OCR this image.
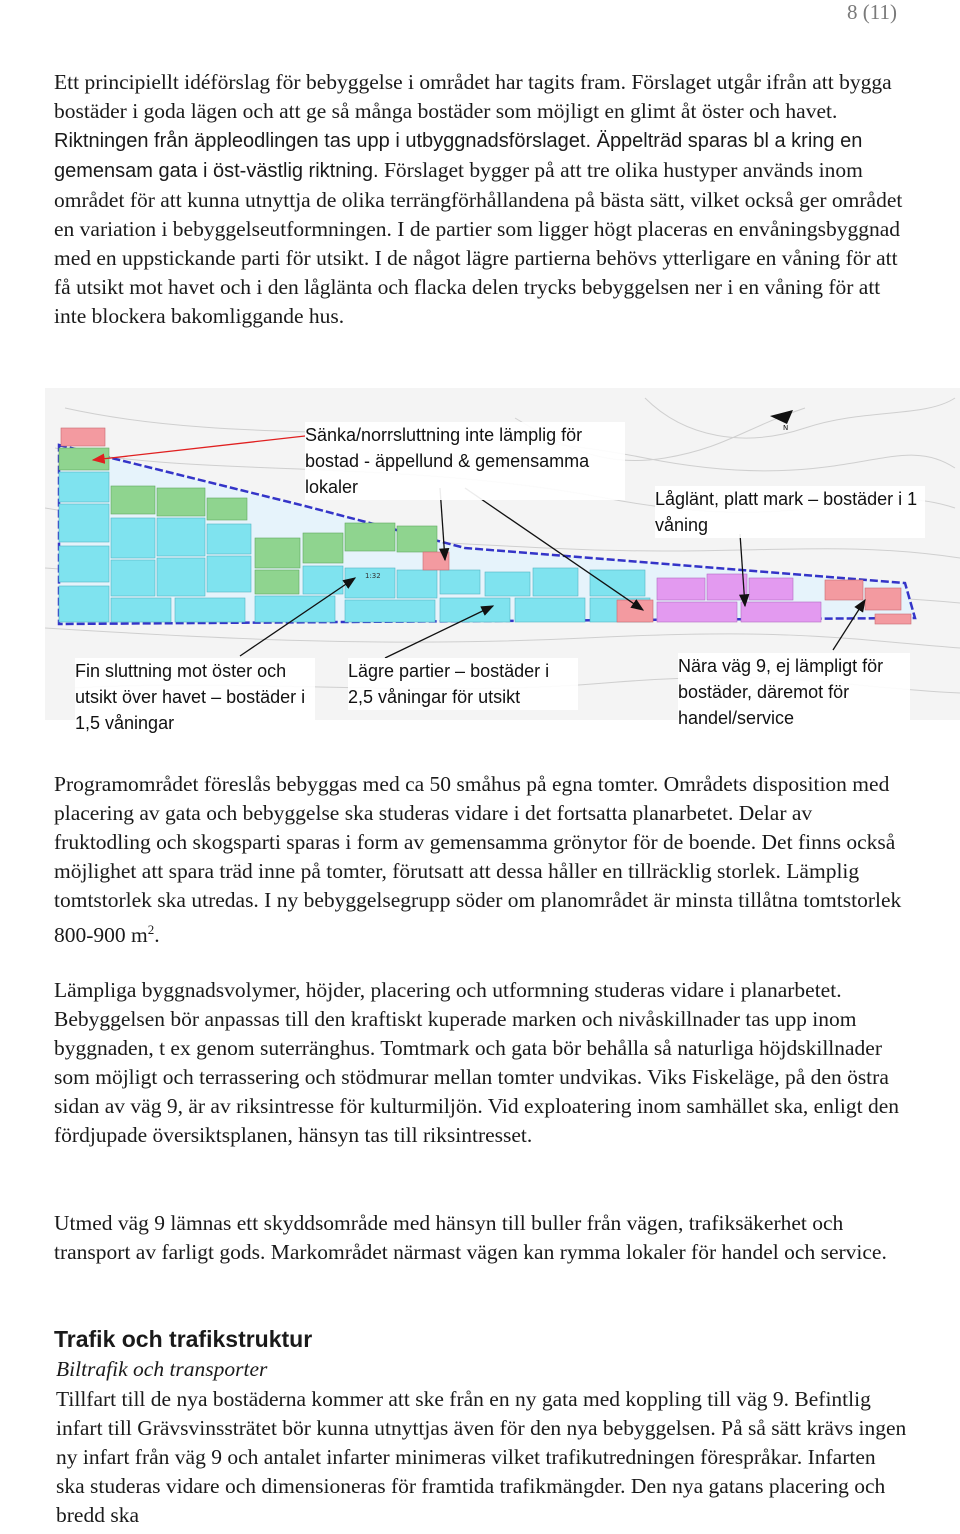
8 (11)

Ett principiellt idéförslag för bebyggelse i området har tagits fram. Förslaget utgår ifrån att bygga bostäder i goda lägen och att ge så många bostäder som möjligt en glimt åt öster och havet. Riktningen från äppleodlingen tas upp i utbyggnadsförslaget. Äppelträd sparas bl a kring en gemensam gata i öst-västlig riktning. Förslaget bygger på att tre olika hustyper används inom området för att kunna utnyttja de olika terrängförhållandena på bästa sätt, vilket också ger området en variation i bebyggelseutformningen. I de partier som ligger högt placeras en envåningsbyggnad med en uppstickande parti för utsikt. I de något lägre partierna behövs ytterligare en våning för att få utsikt mot havet och i den låglänta och flacka delen trycks bebyggelsen ner i en våning för att inte blockera bakomliggande hus.

N
1:32
Sänka/norrsluttning inte lämplig för bostad - äppellund & gemensamma lokaler
Låglänt, platt mark – bostäder i 1 våning
Fin sluttning mot öster och utsikt över havet – bostäder i 1,5 våningar
Lägre partier – bostäder i 2,5 våningar för utsikt
Nära väg 9, ej lämpligt för bostäder, däremot för handel/service

Programområdet föreslås bebyggas med ca 50 småhus på egna tomter. Områdets disposition med placering av gata och bebyggelse ska studeras vidare i det fortsatta planarbetet. Delar av fruktodling och skogsparti sparas i form av gemensamma grönytor för de boende. Det finns också möjlighet att spara träd inne på tomter, förutsatt att dessa håller en tillräcklig storlek. Lämplig tomtstorlek ska utredas. I ny bebyggelsegrupp söder om planområdet är minsta tillåtna tomtstorlek 800-900 $m^2$.

Lämpliga byggnadsvolymer, höjder, placering och utformning studeras vidare i planarbetet. Bebyggelsen bör anpassas till den kraftiskt kuperade marken och nivåskillnader tas upp inom byggnaden, t ex genom suterränghus. Tomtmark och gata bör behålla så naturliga höjdskillnader som möjligt och terrassering och stödmurar mellan tomter undvikas. Viks Fiskeläge, på den östra sidan av väg 9, är av riksintresse för kulturmiljön. Vid exploatering inom samhället ska, enligt den fördjupade översiktsplanen, hänsyn tas till riksintresset.

Utmed väg 9 lämnas ett skyddsområde med hänsyn till buller från vägen, trafiksäkerhet och transport av farligt gods. Markområdet närmast vägen kan rymma lokaler för handel och service.

Trafik och trafikstruktur
Biltrafik och transporter

Tillfart till de nya bostäderna kommer att ske från en ny gata med koppling till väg 9. Befintlig infart till Grävsvinssträtet bör kunna utnyttjas även för den nya bebyggelsen. På så sätt krävs ingen ny infart från väg 9 och antalet infarter minimeras vilket trafikutredningen förespråkar. Infarten ska studeras vidare och dimensioneras för framtida trafikmängder. Den nya gatans placering och bredd ska
